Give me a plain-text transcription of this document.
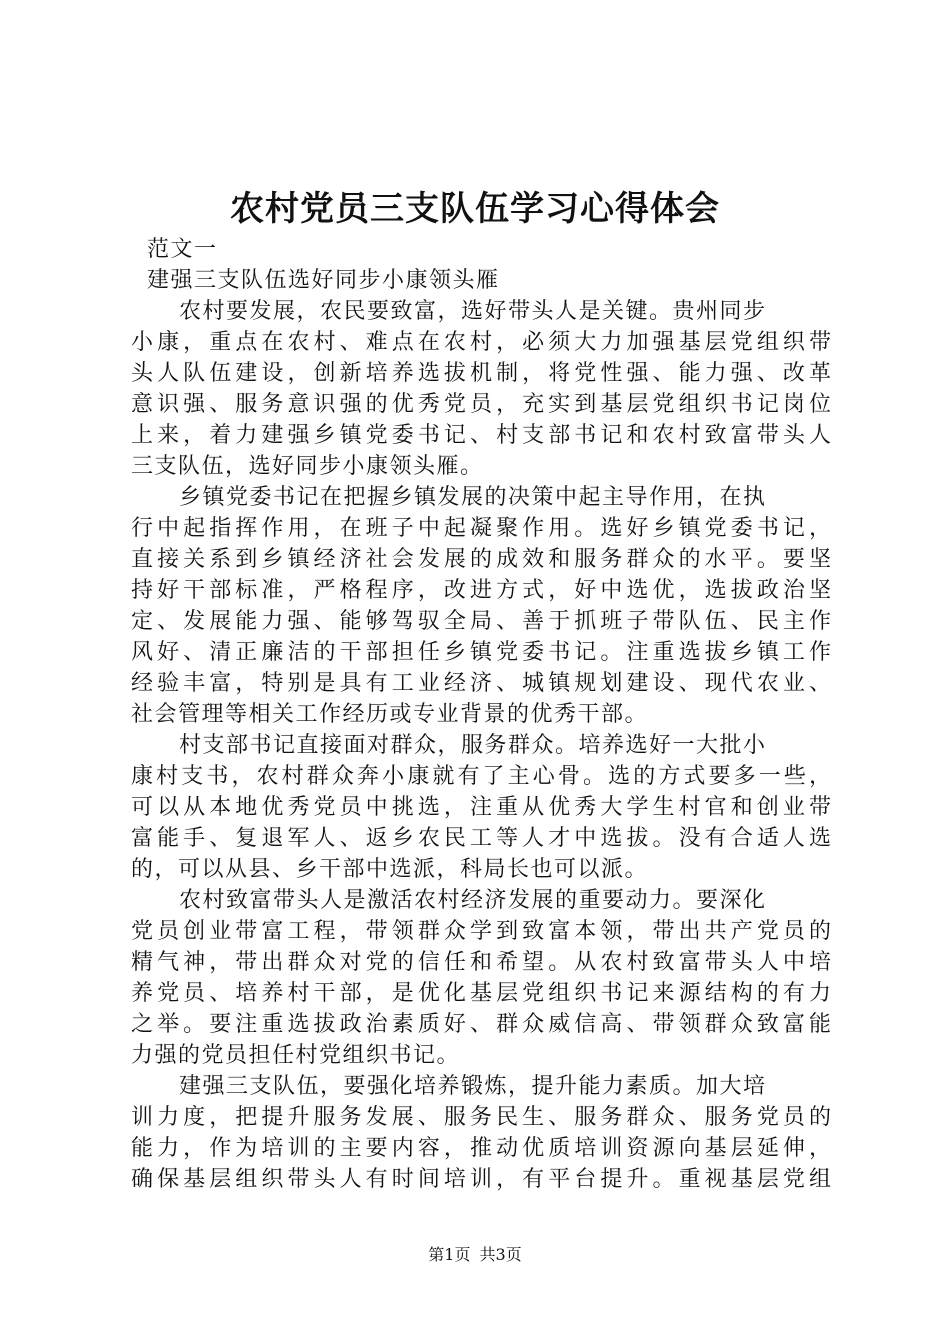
农村党员三支队伍学习心得体会
范文一
建强三支队伍选好同步小康领头雁
农村要发展，农民要致富，选好带头人是关键。贵州同步
小康，重点在农村、难点在农村，必须大力加强基层党组织带
头人队伍建设，创新培养选拔机制，将党性强、能力强、改革
意识强、服务意识强的优秀党员，充实到基层党组织书记岗位
上来，着力建强乡镇党委书记、村支部书记和农村致富带头人
三支队伍，选好同步小康领头雁。
乡镇党委书记在把握乡镇发展的决策中起主导作用，在执
行中起指挥作用，在班子中起凝聚作用。选好乡镇党委书记，
直接关系到乡镇经济社会发展的成效和服务群众的水平。要坚
持好干部标准，严格程序，改进方式，好中选优，选拔政治坚
定、发展能力强、能够驾驭全局、善于抓班子带队伍、民主作
风好、清正廉洁的干部担任乡镇党委书记。注重选拔乡镇工作
经验丰富，特别是具有工业经济、城镇规划建设、现代农业、
社会管理等相关工作经历或专业背景的优秀干部。
村支部书记直接面对群众，服务群众。培养选好一大批小
康村支书，农村群众奔小康就有了主心骨。选的方式要多一些，
可以从本地优秀党员中挑选，注重从优秀大学生村官和创业带
富能手、复退军人、返乡农民工等人才中选拔。没有合适人选
的，可以从县、乡干部中选派，科局长也可以派。
农村致富带头人是激活农村经济发展的重要动力。要深化
党员创业带富工程，带领群众学到致富本领，带出共产党员的
精气神，带出群众对党的信任和希望。从农村致富带头人中培
养党员、培养村干部，是优化基层党组织书记来源结构的有力
之举。要注重选拔政治素质好、群众威信高、带领群众致富能
力强的党员担任村党组织书记。
建强三支队伍，要强化培养锻炼，提升能力素质。加大培
训力度，把提升服务发展、服务民生、服务群众、服务党员的
能力，作为培训的主要内容，推动优质培训资源向基层延伸，
确保基层组织带头人有时间培训，有平台提升。重视基层党组
第1页 共3页
